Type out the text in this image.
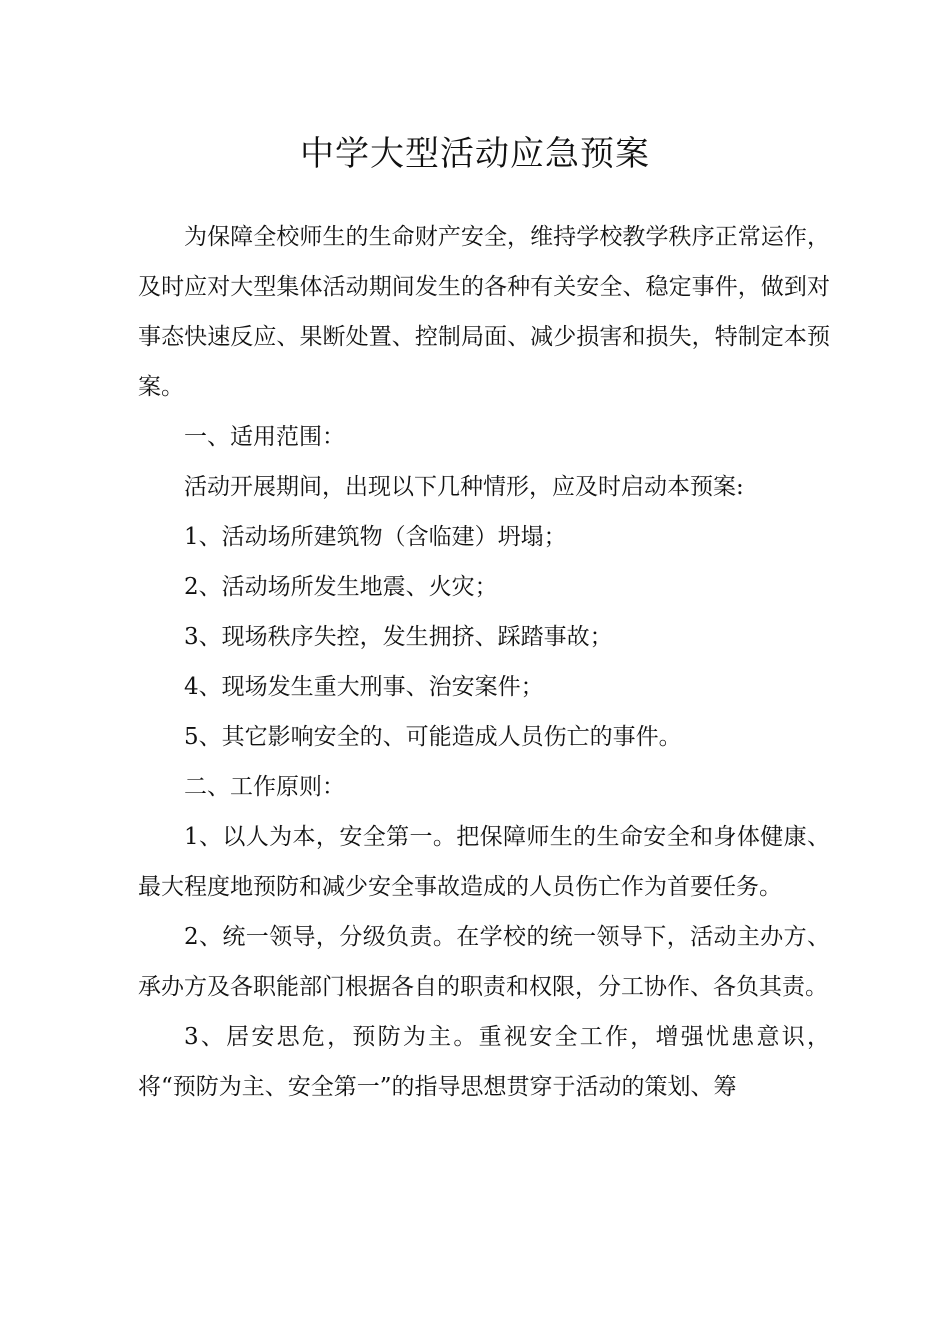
中学大型活动应急预案

为保障全校师生的生命财产安全，维持学校教学秩序正常运作，及时应对大型集体活动期间发生的各种有关安全、稳定事件，做到对事态快速反应、果断处置、控制局面、减少损害和损失，特制定本预案。

一、适用范围：

活动开展期间，出现以下几种情形，应及时启动本预案:

1、活动场所建筑物（含临建）坍塌；

2、活动场所发生地震、火灾；

3、现场秩序失控，发生拥挤、踩踏事故；

4、现场发生重大刑事、治安案件；

5、其它影响安全的、可能造成人员伤亡的事件。

二、工作原则：

1、以人为本，安全第一。把保障师生的生命安全和身体健康、最大程度地预防和减少安全事故造成的人员伤亡作为首要任务。

2、统一领导，分级负责。在学校的统一领导下，活动主办方、承办方及各职能部门根据各自的职责和权限，分工协作、各负其责。

3、居安思危，预防为主。重视安全工作，增强忧患意识，将“预防为主、安全第一”的指导思想贯穿于活动的策划、筹
